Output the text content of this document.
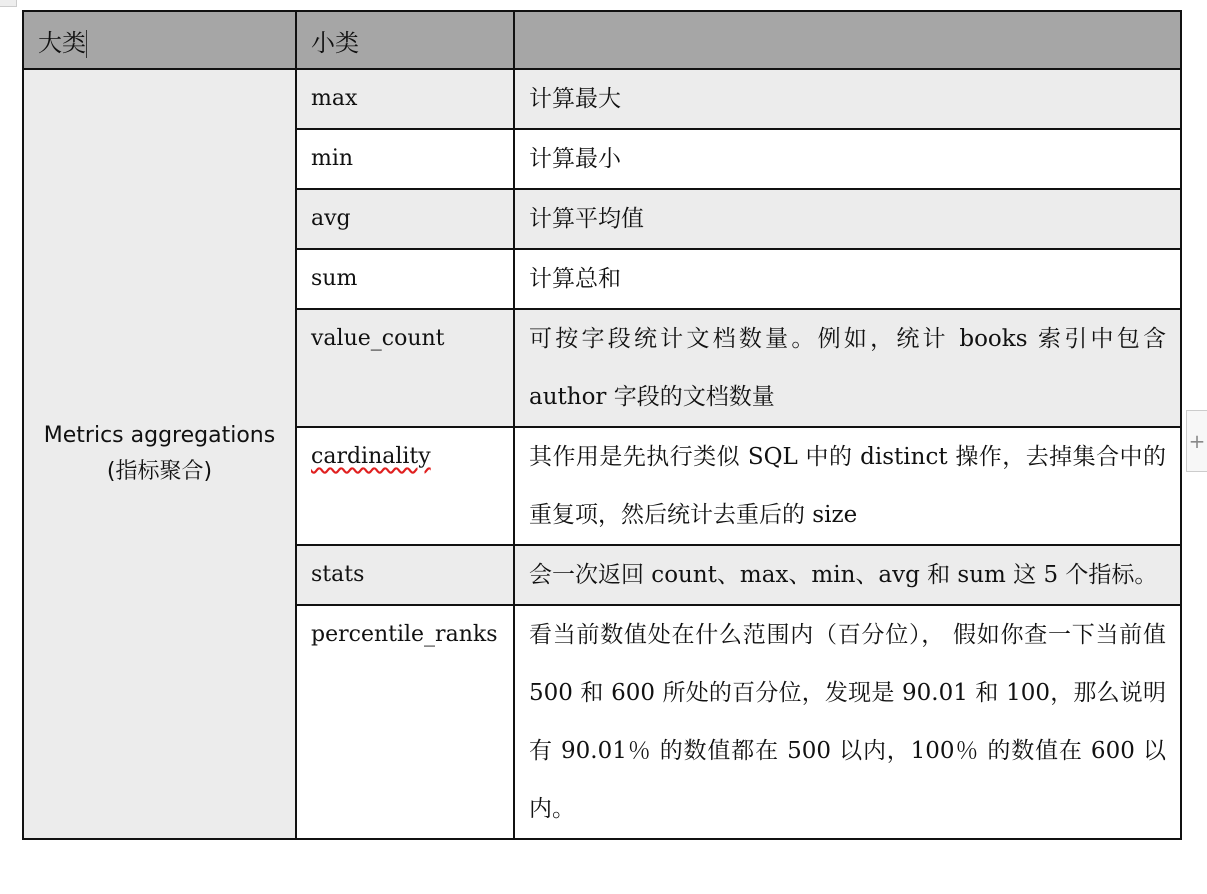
大类	小类	

Metrics aggregations
(指标聚合)	max	计算最大
	min	计算最小
	avg	计算平均值
	sum	计算总和
	value_count	可按字段统计文档数量。例如，统计 books 索引中包含 author 字段的文档数量
	cardinality	其作用是先执行类似 SQL 中的 distinct 操作，去掉集合中的重复项，然后统计去重后的 size
	stats	会一次返回 count、max、min、avg 和 sum 这 5 个指标。
	percentile_ranks	看当前数值处在什么范围内（百分位）， 假如你查一下当前值 500 和 600 所处的百分位，发现是 90.01 和 100，那么说明有 90.01％ 的数值都在 500 以内，100％ 的数值在 600 以内。
+
